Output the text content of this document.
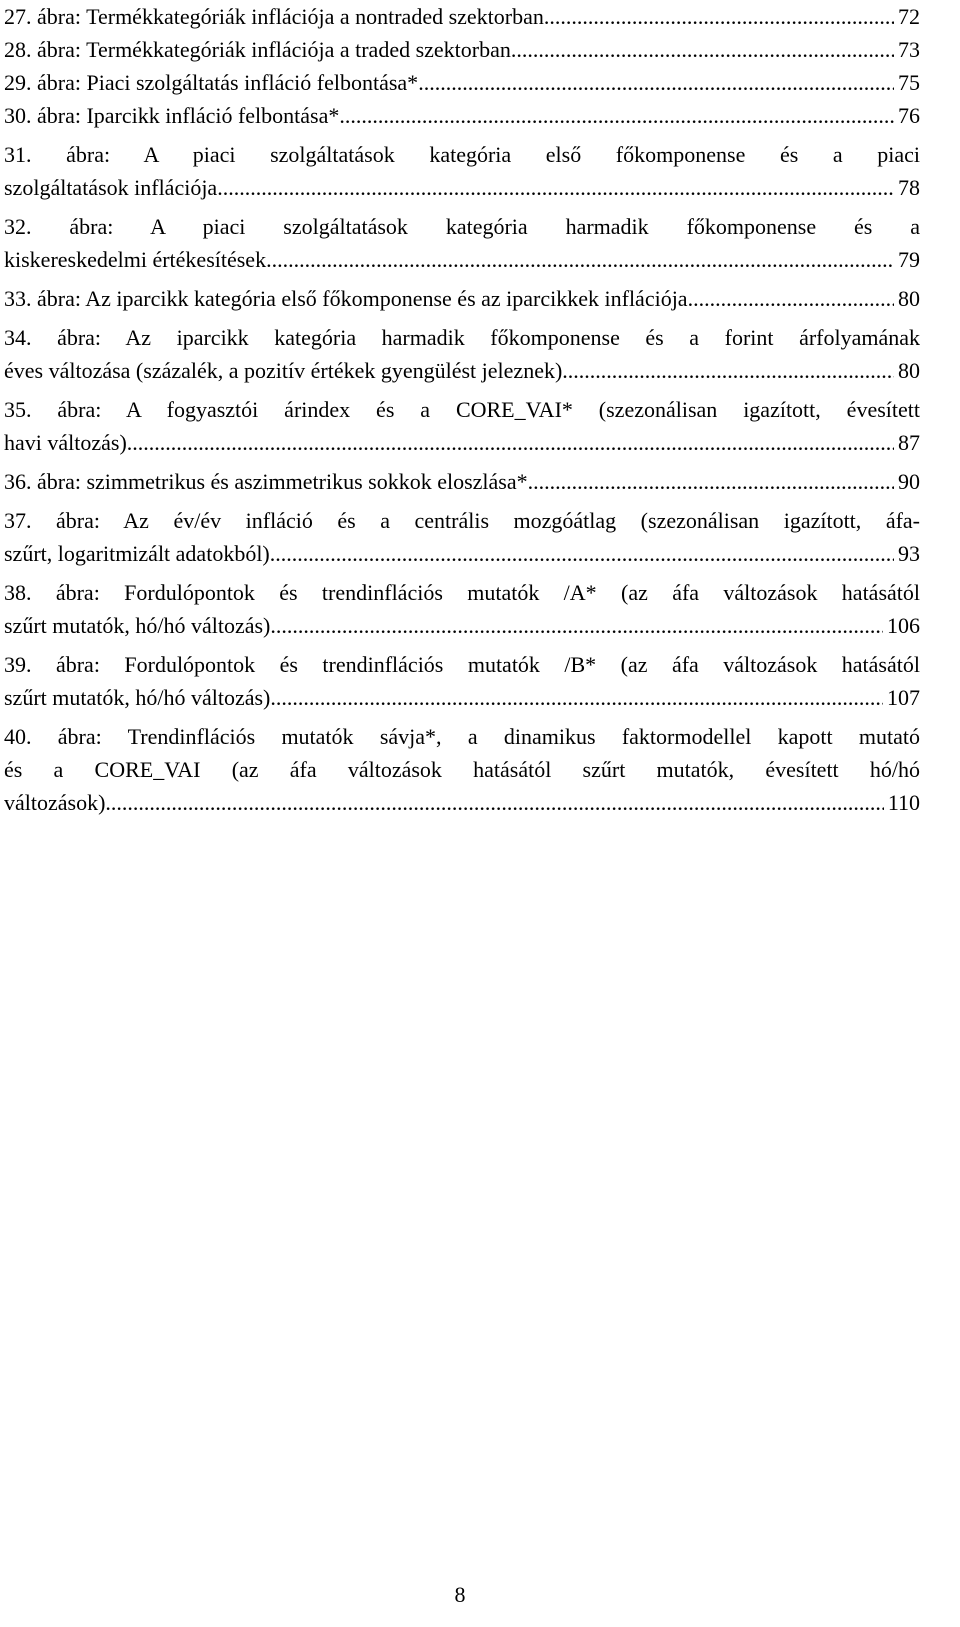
27. ábra: Termékkategóriák inflációja a nontraded szektorban .....	72
28. ábra: Termékkategóriák inflációja a traded szektorban .....	73
29. ábra: Piaci szolgáltatás infláció felbontása* .....	75
30. ábra: Iparcikk infláció felbontása* .....	76
31. ábra: A piaci szolgáltatások kategória első főkomponense és a piaci
szolgáltatások inflációja .....	78
32. ábra: A piaci szolgáltatások kategória harmadik főkomponense és a
kiskereskedelmi értékesítések .....	79
33. ábra: Az iparcikk kategória első főkomponense és az iparcikkek inflációja .....	80
34. ábra: Az iparcikk kategória harmadik főkomponense és a forint árfolyamának
éves változása (százalék, a pozitív értékek gyengülést jeleznek) .....	80
35. ábra: A fogyasztói árindex és a CORE_VAI* (szezonálisan igazított, évesített
havi változás) .....	87
36. ábra: szimmetrikus és aszimmetrikus sokkok eloszlása* .....	90
37. ábra: Az év/év infláció és a centrális mozgóátlag (szezonálisan igazított, áfa-
szűrt, logaritmizált adatokból) .....	93
38. ábra: Fordulópontok és trendinflációs mutatók /A* (az áfa változások hatásától
szűrt mutatók, hó/hó változás) .....	106
39. ábra: Fordulópontok és trendinflációs mutatók /B* (az áfa változások hatásától
szűrt mutatók, hó/hó változás) .....	107
40. ábra: Trendinflációs mutatók sávja*, a dinamikus faktormodellel kapott mutató
és a CORE_VAI (az áfa változások hatásától szűrt mutatók, évesített hó/hó
változások) .....	110
8
